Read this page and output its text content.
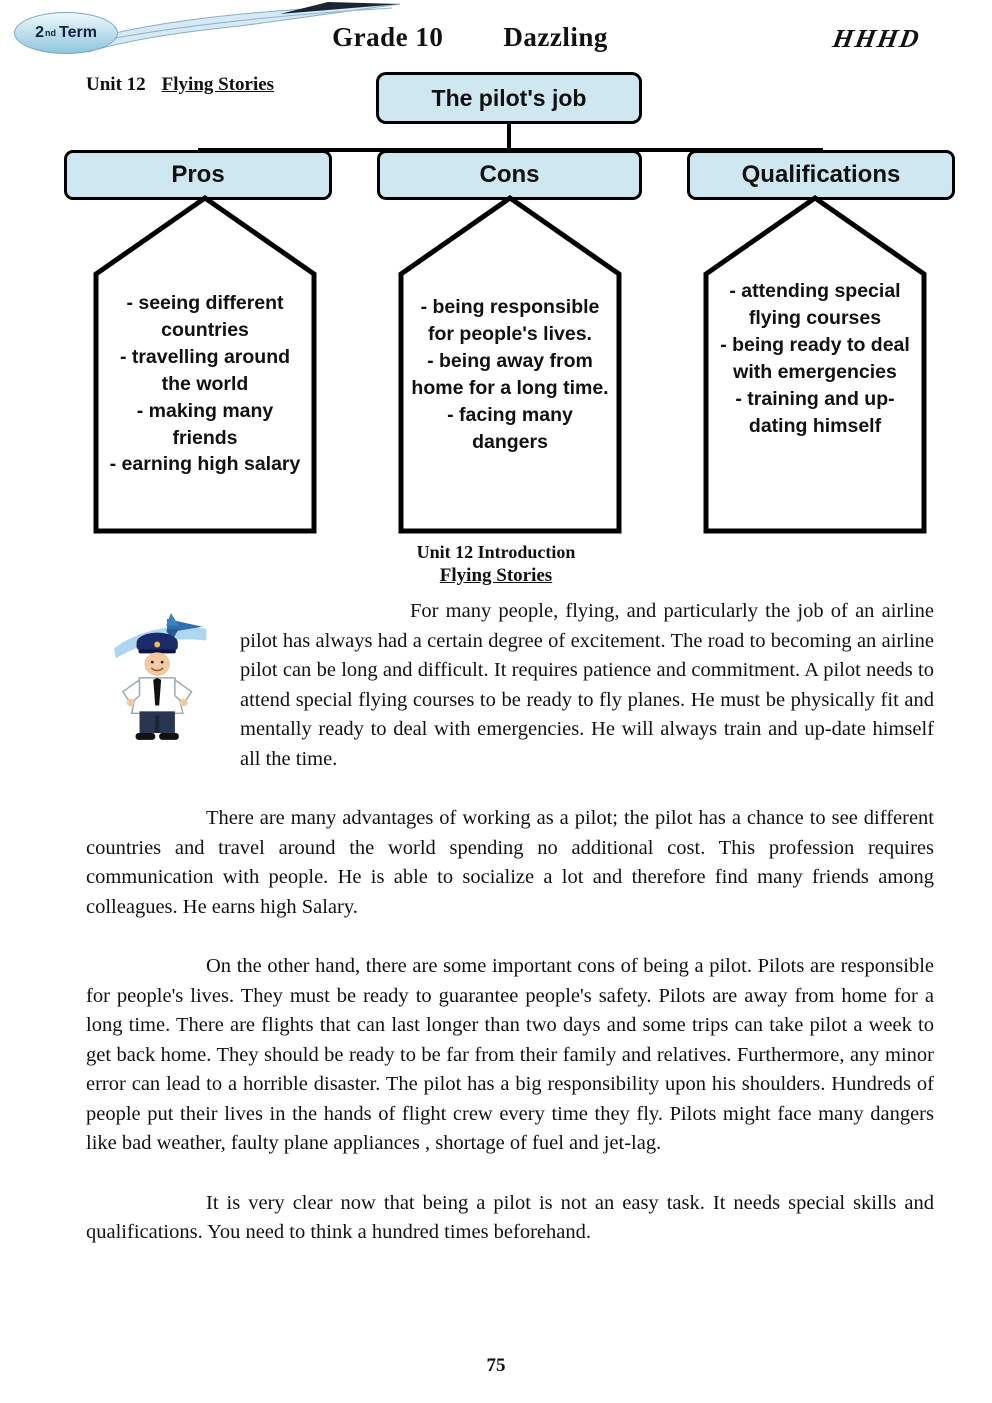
2 nd Term	Grade 10 Dazzling	HHHD
Unit 12 Flying Stories	The pilot's job
Pros	Cons	Qualifications
- seeing different countries
- travelling around the world
- making many friends
- earning high salary
- being responsible for people's lives.
- being away from home for a long time.
- facing many dangers
- attending special flying courses
- being ready to deal with emergencies
- training and up-dating himself
Unit 12 Introduction
Flying Stories

For many people, flying, and particularly the job of an airline pilot has always had a certain degree of excitement. The road to becoming an airline pilot can be long and difficult. It requires patience and commitment. A pilot needs to attend special flying courses to be ready to fly planes. He must be physically fit and mentally ready to deal with emergencies. He will always train and up-date himself all the time.

There are many advantages of working as a pilot; the pilot has a chance to see different countries and travel around the world spending no additional cost. This profession requires communication with people. He is able to socialize a lot and therefore find many friends among colleagues. He earns high Salary.

On the other hand, there are some important cons of being a pilot. Pilots are responsible for people's lives. They must be ready to guarantee people's safety. Pilots are away from home for a long time. There are flights that can last longer than two days and some trips can take pilot a week to get back home. They should be ready to be far from their family and relatives. Furthermore, any minor error can lead to a horrible disaster. The pilot has a big responsibility upon his shoulders. Hundreds of people put their lives in the hands of flight crew every time they fly. Pilots might face many dangers like bad weather, faulty plane appliances , shortage of fuel and jet-lag.

It is very clear now that being a pilot is not an easy task. It needs special skills and qualifications. You need to think a hundred times beforehand.

75
